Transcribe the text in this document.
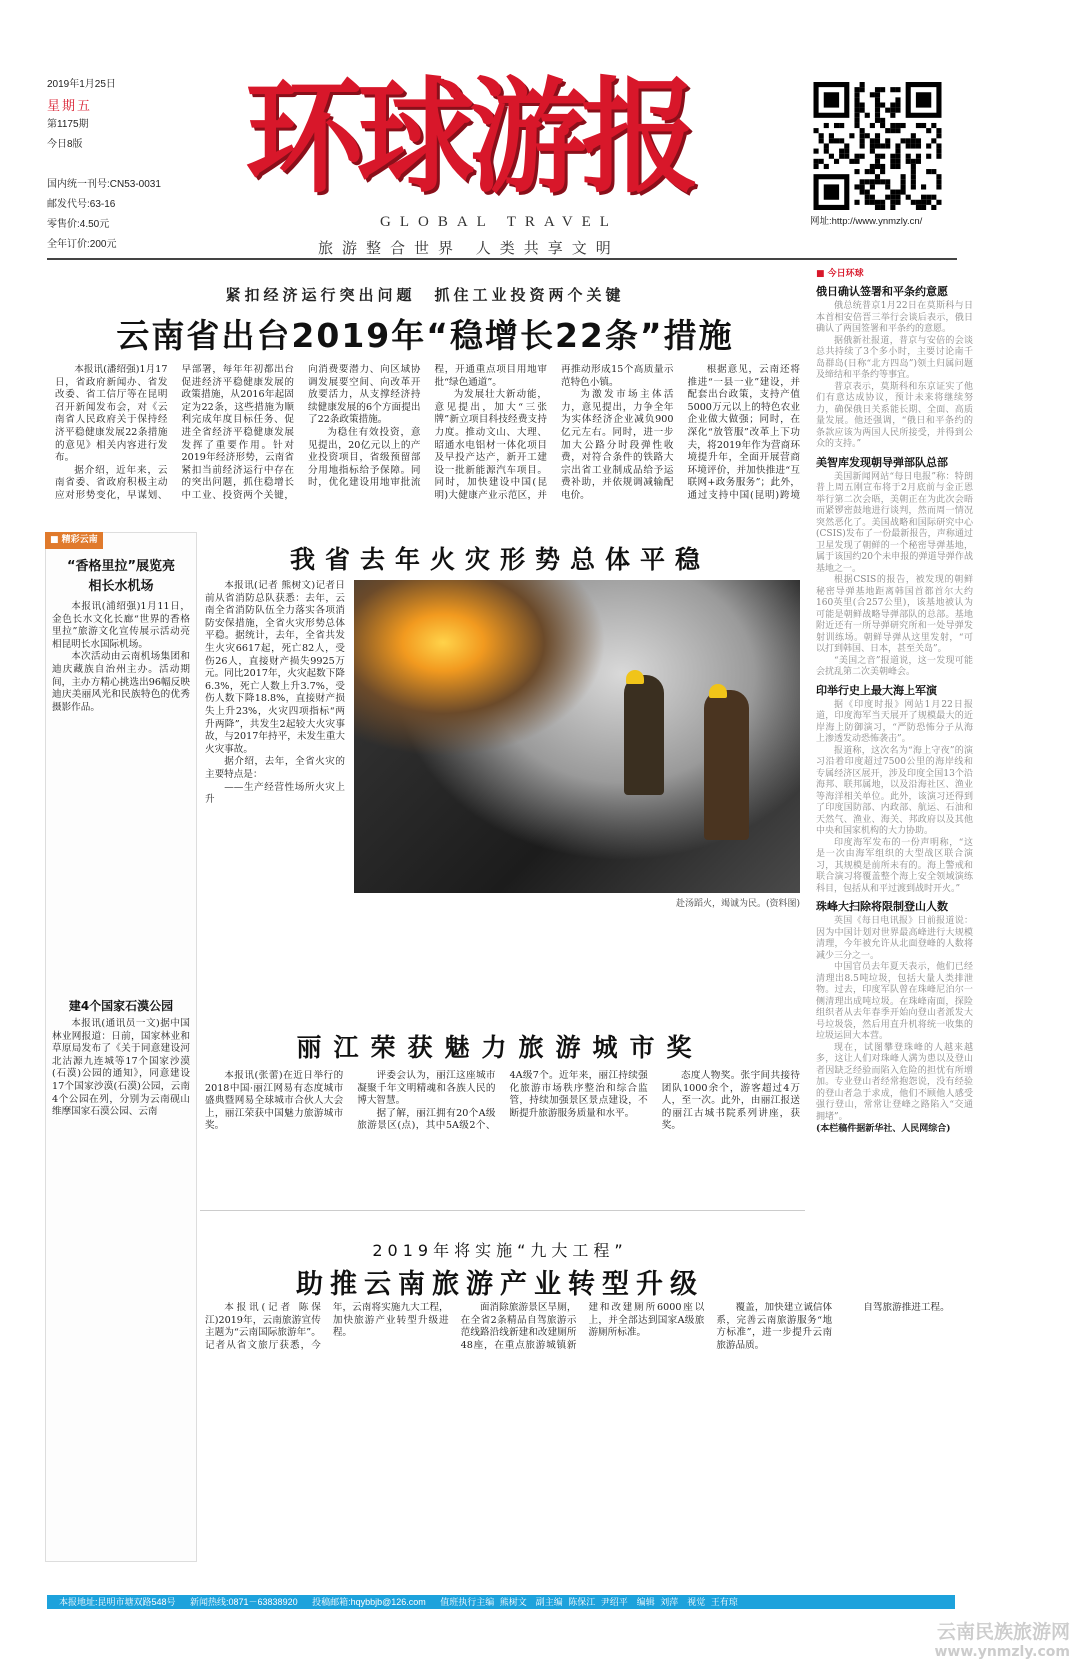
2019年1月25日
星期五
第1175期
今日8版
国内统一刊号:CN53-0031
邮发代号:63-16
零售价:4.50元
全年订价:200元
环球游报
GLOBAL TRAVEL
旅游整合世界 人类共享文明
网址:http://www.ynmzly.cn/
紧扣经济运行突出问题　抓住工业投资两个关键
云南省出台2019年“稳增长22条”措施

本报讯(潘绍强)1月17日，省政府新闻办、省发改委、省工信厅等在昆明召开新闻发布会，对《云南省人民政府关于保持经济平稳健康发展22条措施的意见》相关内容进行发布。

据介绍，近年来，云南省委、省政府积极主动应对形势变化，早谋划、早部署，每年年初都出台促进经济平稳健康发展的政策措施，从2016年起固定为22条，这些措施为顺利完成年度目标任务、促进全省经济平稳健康发展发挥了重要作用。针对2019年经济形势，云南省紧扣当前经济运行中存在的突出问题，抓住稳增长中工业、投资两个关键，向消费要潜力、向区域协调发展要空间、向改革开放要活力，从支撑经济持续健康发展的6个方面提出了22条政策措施。

为稳住有效投资，意见提出，20亿元以上的产业投资项目，省级预留部分用地指标给予保障。同时，优化建设用地审批流程，开通重点项目用地审批“绿色通道”。

为发展壮大新动能，意见提出，加大“三张牌”新立项目科技经费支持力度。推动文山、大理、昭通水电铝材一体化项目及早投产达产，新开工建设一批新能源汽车项目。同时，加快建设中国(昆明)大健康产业示范区，并再推动形成15个高质量示范特色小镇。

为激发市场主体活力，意见提出，力争全年为实体经济企业减负900亿元左右。同时，进一步加大公路分时段弹性收费，对符合条件的铁路大宗出省工业制成品给予运费补助，并依规调减输配电价。

根据意见，云南还将推进“一县一业”建设，并配套出台政策，支持产值5000万元以上的特色农业企业做大做强；同时，在深化“放管服”改革上下功夫，将2019年作为营商环境提升年，全面开展营商环境评价，并加快推进“互联网+政务服务”；此外，通过支持中国(昆明)跨境

■ 精彩云南
“香格里拉”展览亮相长水机场

本报讯(浦绍强)1月11日，金色长水文化长廊“世界的香格里拉”旅游文化宣传展示活动亮相昆明长水国际机场。

本次活动由云南机场集团和迪庆藏族自治州主办。活动期间，主办方精心挑选出96幅反映迪庆美丽风光和民族特色的优秀摄影作品。

建4个国家石漠公园

本报讯(通讯员一文)据中国林业网报道：日前，国家林业和草原局发布了《关于同意建设河北沽源九连城等17个国家沙漠(石漠)公园的通知》，同意建设17个国家沙漠(石漠)公园，云南4个公园在列，分别为云南砚山维摩国家石漠公园、云南

我省去年火灾形势总体平稳

本报讯(记者 熊树文)记者日前从省消防总队获悉：去年，云南全省消防队伍全力落实各项消防安保措施，全省火灾形势总体平稳。据统计，去年，全省共发生火灾6617起，死亡82人，受伤26人，直接财产损失9925万元。同比2017年，火灾起数下降6.3%，死亡人数上升3.7%，受伤人数下降18.8%，直接财产损失上升23%，火灾四项指标“两升两降”，共发生2起较大火灾事故，与2017年持平，未发生重大火灾事故。

据介绍，去年，全省火灾的主要特点是：

——生产经营性场所火灾上升

赴汤蹈火，竭诚为民。(资料图)
■ 今日环球
俄日确认签署和平条约意愿

俄总统普京1月22日在莫斯科与日本首相安倍晋三举行会谈后表示，俄日确认了两国签署和平条约的意愿。

据俄新社报道，普京与安倍的会谈总共持续了3个多小时，主要讨论南千岛群岛(日称“北方四岛”)领土归属问题及缔结和平条约等事宜。

普京表示，莫斯科和东京证实了他们有意达成协议，预计未来将继续努力，确保俄日关系能长期、全面、高质量发展。他还强调，“俄日和平条约的条款应该为两国人民所接受，并得到公众的支持。”

美智库发现朝导弹部队总部

美国新闻网站“每日电报”称：特朗普上周五刚宣布将于2月底前与金正恩举行第二次会晤，美朝正在为此次会晤而紧锣密鼓地进行谈判，然而周一情况突然恶化了。美国战略和国际研究中心(CSIS)发布了一份最新报告，声称通过卫星发现了朝鲜的一个秘密导弹基地，属于该国约20个未申报的弹道导弹作战基地之一。

根据CSIS的报告，被发现的朝鲜秘密导弹基地距离韩国首都首尔大约160英里(合257公里)，该基地被认为可能是朝鲜战略导弹部队的总部。基地附近还有一所导弹研究所和一处导弹发射训练场。朝鲜导弹从这里发射，“可以打到韩国、日本，甚至关岛”。

“美国之音”报道说，这一发现可能会扰乱第二次美朝峰会。

印举行史上最大海上军演

据《印度时报》网站1月22日报道，印度海军当天展开了规模最大的近岸海上防御演习，“严防恐怖分子从海上渗透发动恐怖袭击”。

报道称，这次名为“海上守夜”的演习沿着印度超过7500公里的海岸线和专属经济区展开，涉及印度全国13个沿海邦、联邦属地，以及沿海社区、渔业等海洋相关单位。此外，该演习还得到了印度国防部、内政部、航运、石油和天然气、渔业、海关、邦政府以及其他中央和国家机构的大力协助。

印度海军发布的一份声明称，“这是一次由海军组织的大型战区联合演习，其规模是前所未有的。海上警戒和联合演习将覆盖整个海上安全领域演练科目，包括从和平过渡到战时开火。”

珠峰大扫除将限制登山人数

英国《每日电讯报》日前报道说：因为中国计划对世界最高峰进行大规模清理，今年被允许从北面登峰的人数将减少三分之一。

中国官员去年夏天表示，他们已经清理出8.5吨垃圾，包括大量人类排泄物。过去，印度军队曾在珠峰尼泊尔一侧清理出成吨垃圾。在珠峰南面，探险组织者从去年春季开始向登山者派发大号垃圾袋，然后用直升机将统一收集的垃圾运回大本营。

现在，试图攀登珠峰的人越来越多，这让人们对珠峰人满为患以及登山者因缺乏经验而陷入危险的担忧有所增加。专业登山者经常抱怨说，没有经验的登山者急于求成，他们不顾他人感受强行登山，常常让登峰之路陷入“交通拥堵”。

(本栏稿件据新华社、人民网综合)
丽江荣获魅力旅游城市奖

本报讯(张蕾)在近日举行的2018中国·丽江网易有态度城市盛典暨网易全球城市合伙人大会上，丽江荣获中国魅力旅游城市奖。

评委会认为，丽江这座城市凝聚千年文明精魂和各族人民的博大智慧。

据了解，丽江拥有20个A级旅游景区(点)，其中5A级2个、4A级7个。近年来，丽江持续强化旅游市场秩序整治和综合监管，持续加强景区景点建设，不断提升旅游服务质量和水平。

态度人物奖。张宇间共接待团队1000余个，游客超过4万人，至一次。此外，由丽江报送的丽江古城书院系列讲座，获奖。

2019年将实施“九大工程”
助推云南旅游产业转型升级

本报讯(记者 陈保江)2019年，云南旅游宣传主题为“云南国际旅游年”。记者从省文旅厅获悉，今年，云南将实施九大工程，加快旅游产业转型升级进程。

面消除旅游景区旱厕，在全省2条精品自驾旅游示范线路沿线新建和改建厕所48座，在重点旅游城镇新建和改建厕所6000座以上，并全部达到国家A级旅游厕所标准。

覆盖，加快建立诚信体系，完善云南旅游服务“地方标准”，进一步提升云南旅游品质。

自驾旅游推进工程。

本报地址:昆明市塘双路548号　 新闻热线:0871－63838920　 投稿邮箱:hqybbjb@126.com　 值班执行主编 熊树文　副主编 陈保江 尹绍平　编辑 刘萍　视觉 王有琼
云南民族旅游网
www.ynmzly.com
